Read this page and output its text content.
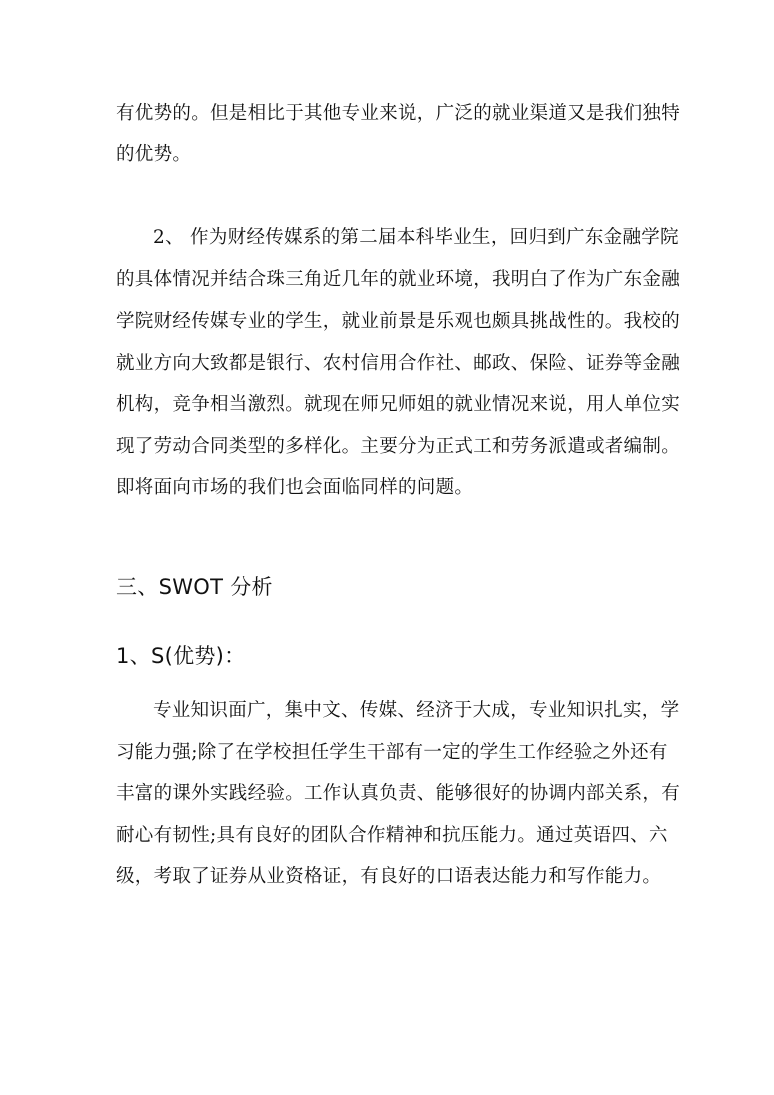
有优势的。但是相比于其他专业来说，广泛的就业渠道又是我们独特
的优势。
2、 作为财经传媒系的第二届本科毕业生，回归到广东金融学院
的具体情况并结合珠三角近几年的就业环境，我明白了作为广东金融
学院财经传媒专业的学生，就业前景是乐观也颇具挑战性的。我校的
就业方向大致都是银行、农村信用合作社、邮政、保险、证券等金融
机构，竞争相当激烈。就现在师兄师姐的就业情况来说，用人单位实
现了劳动合同类型的多样化。主要分为正式工和劳务派遣或者编制。
即将面向市场的我们也会面临同样的问题。
三、SWOT 分析
1、S(优势)：
专业知识面广，集中文、传媒、经济于大成，专业知识扎实，学
习能力强;除了在学校担任学生干部有一定的学生工作经验之外还有
丰富的课外实践经验。工作认真负责、能够很好的协调内部关系，有
耐心有韧性;具有良好的团队合作精神和抗压能力。通过英语四、六
级，考取了证券从业资格证，有良好的口语表达能力和写作能力。
